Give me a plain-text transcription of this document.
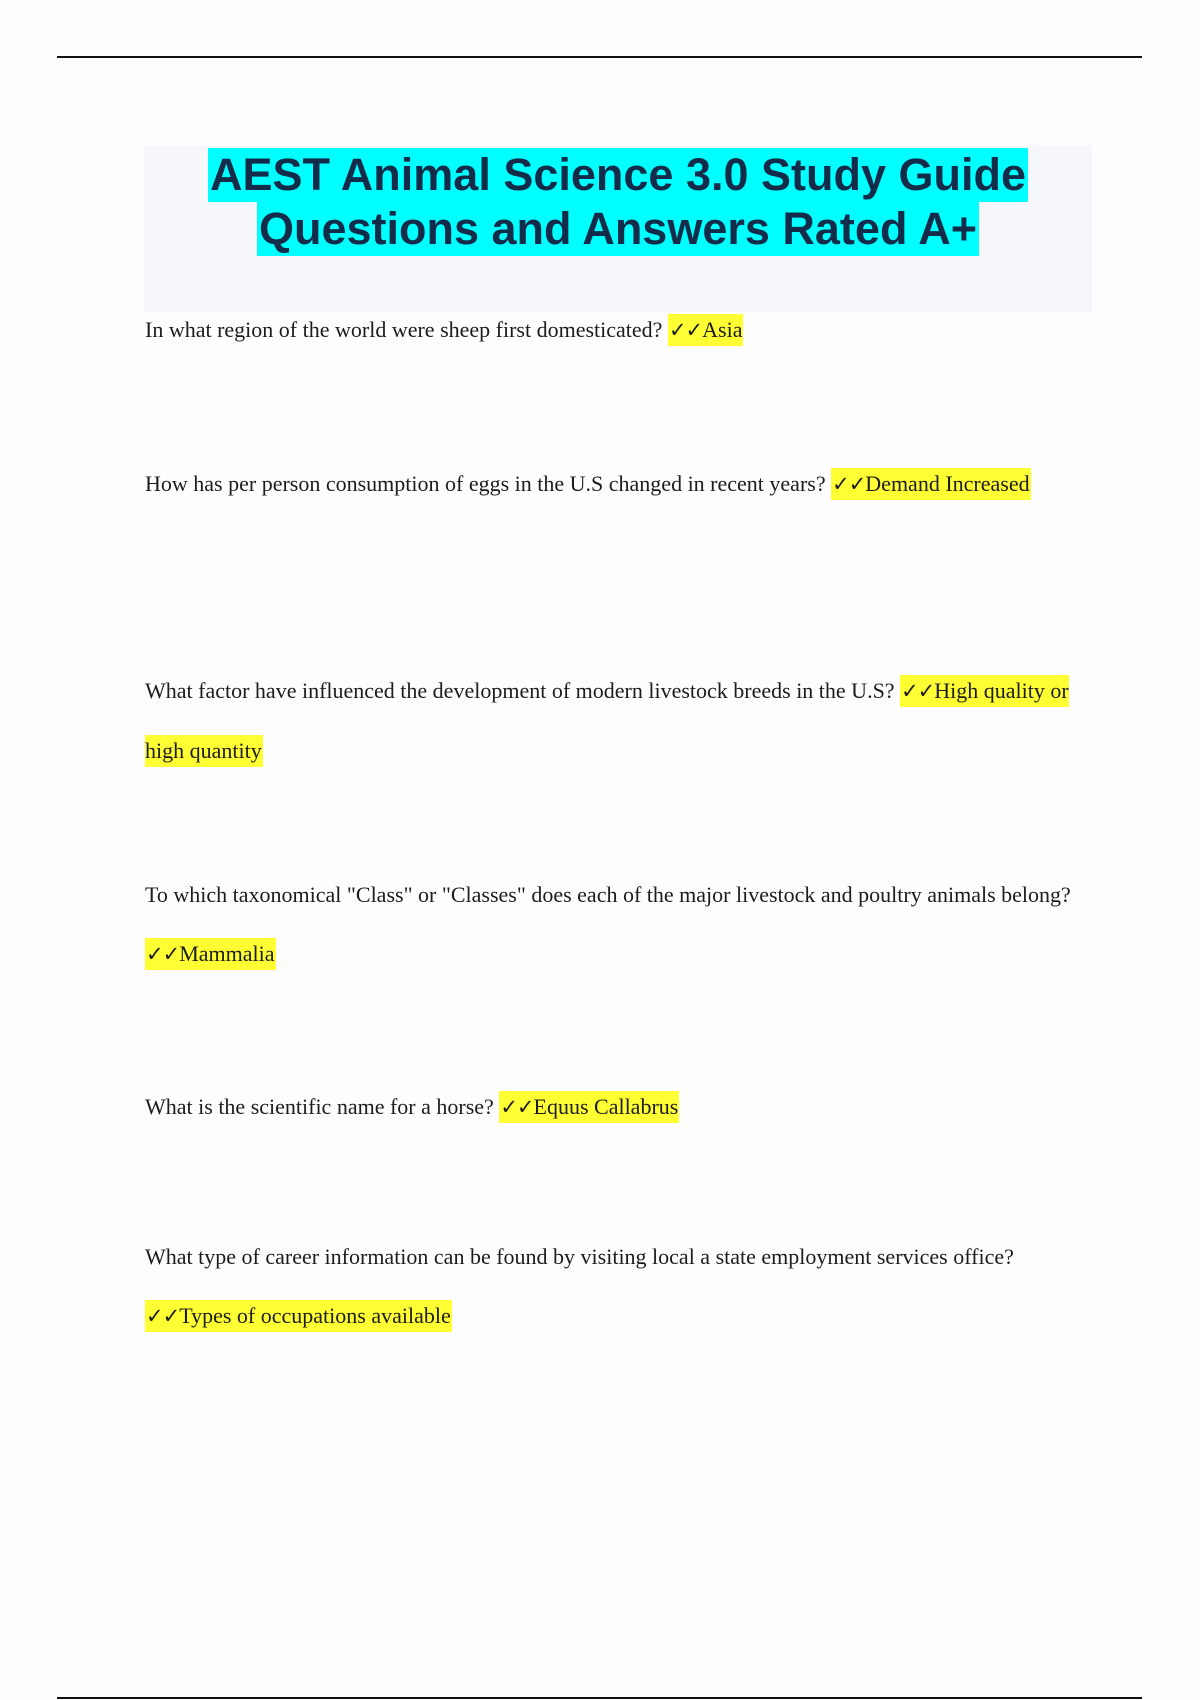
AEST Animal Science 3.0 Study Guide
Questions and Answers Rated A+
In what region of the world were sheep first domesticated? ✓✓Asia
How has per person consumption of eggs in the U.S changed in recent years? ✓✓Demand Increased
What factor have influenced the development of modern livestock breeds in the U.S? ✓✓High quality or high quantity
To which taxonomical "Class" or "Classes" does each of the major livestock and poultry animals belong? ✓✓Mammalia
What is the scientific name for a horse? ✓✓Equus Callabrus
What type of career information can be found by visiting local a state employment services office? ✓✓Types of occupations available
